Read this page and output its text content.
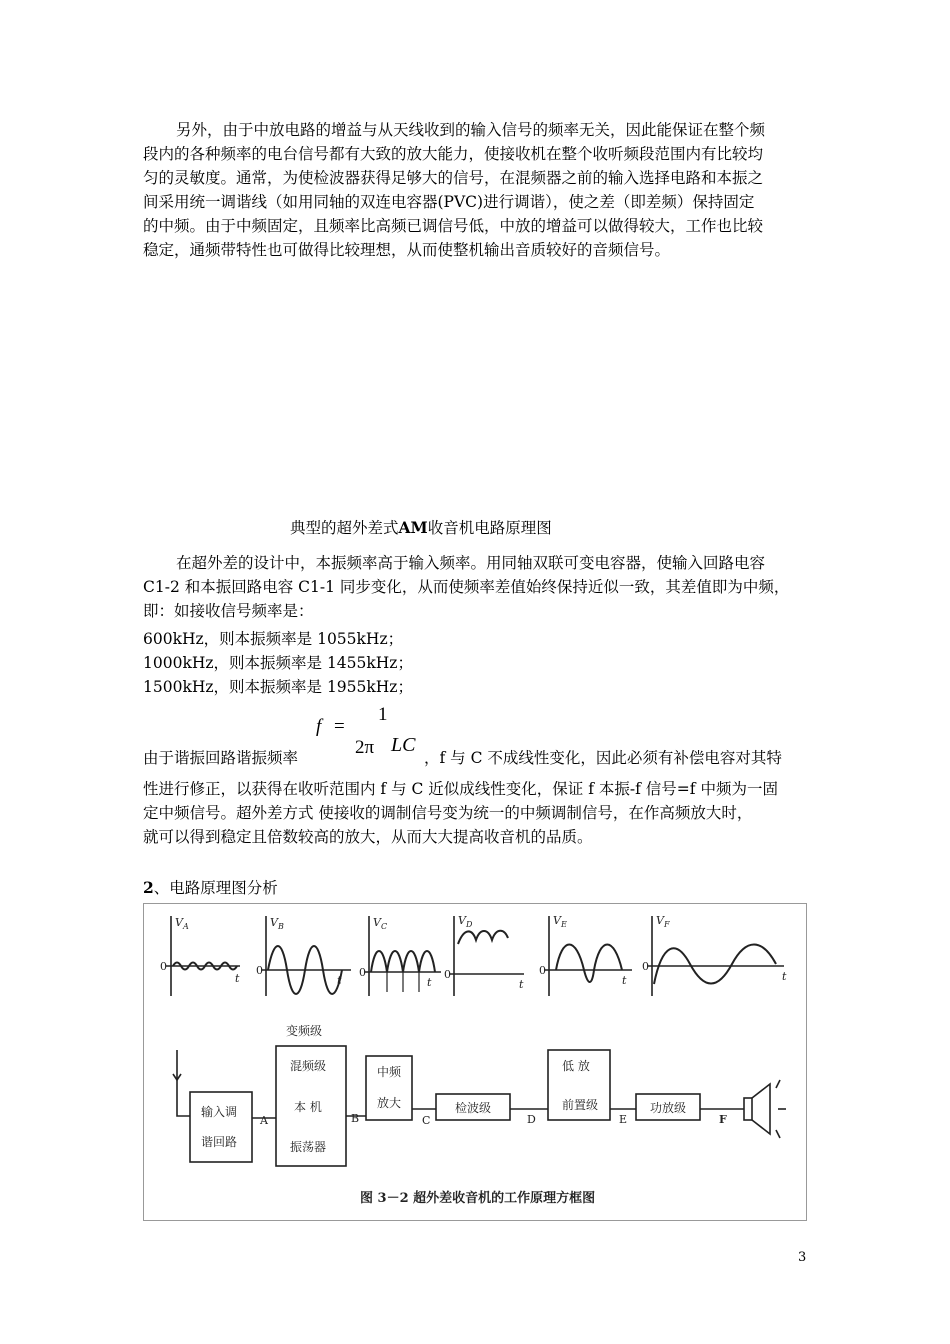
另外，由于中放电路的增益与从天线收到的输入信号的频率无关，因此能保证在整个频
段内的各种频率的电台信号都有大致的放大能力，使接收机在整个收听频段范围内有比较均
匀的灵敏度。通常，为使检波器获得足够大的信号，在混频器之前的输入选择电路和本振之
间采用统一调谐线（如用同轴的双连电容器(PVC)进行调谐），使之差（即差频）保持固定
的中频。由于中频固定，且频率比高频已调信号低，中放的增益可以做得较大，工作也比较
稳定，通频带特性也可做得比较理想，从而使整机输出音质较好的音频信号。
典型的超外差式AM收音机电路原理图
在超外差的设计中，本振频率高于输入频率。用同轴双联可变电容器，使输入回路电容
C1-2 和本振回路电容 C1-1 同步变化，从而使频率差值始终保持近似一致，其差值即为中频，
即：如接收信号频率是：
600kHz，则本振频率是 1055kHz；
1000kHz，则本振频率是 1455kHz；
1500kHz，则本振频率是 1955kHz；
f =
1
2π LC
由于谐振回路谐振频率	，f 与 C 不成线性变化，因此必须有补偿电容对其特
性进行修正，以获得在收听范围内 f 与 C 近似成线性变化，保证 f 本振-f 信号=f 中频为一固
定中频信号。超外差方式 使接收的调制信号变为统一的中频调制信号，在作高频放大时，
就可以得到稳定且倍数较高的放大，从而大大提高收音机的品质。
2、电路原理图分析
V A	V B	V C	V D	V E	V F
t	t	t	t	t	t
0	0	0	0	0	0
变频级
输入调
谐回路
混频级
本 机
振荡器
中频
放大	检波级
低 放
前置级	功放级
A	B	C	D	E	F
图 3－2 超外差收音机的工作原理方框图
3
